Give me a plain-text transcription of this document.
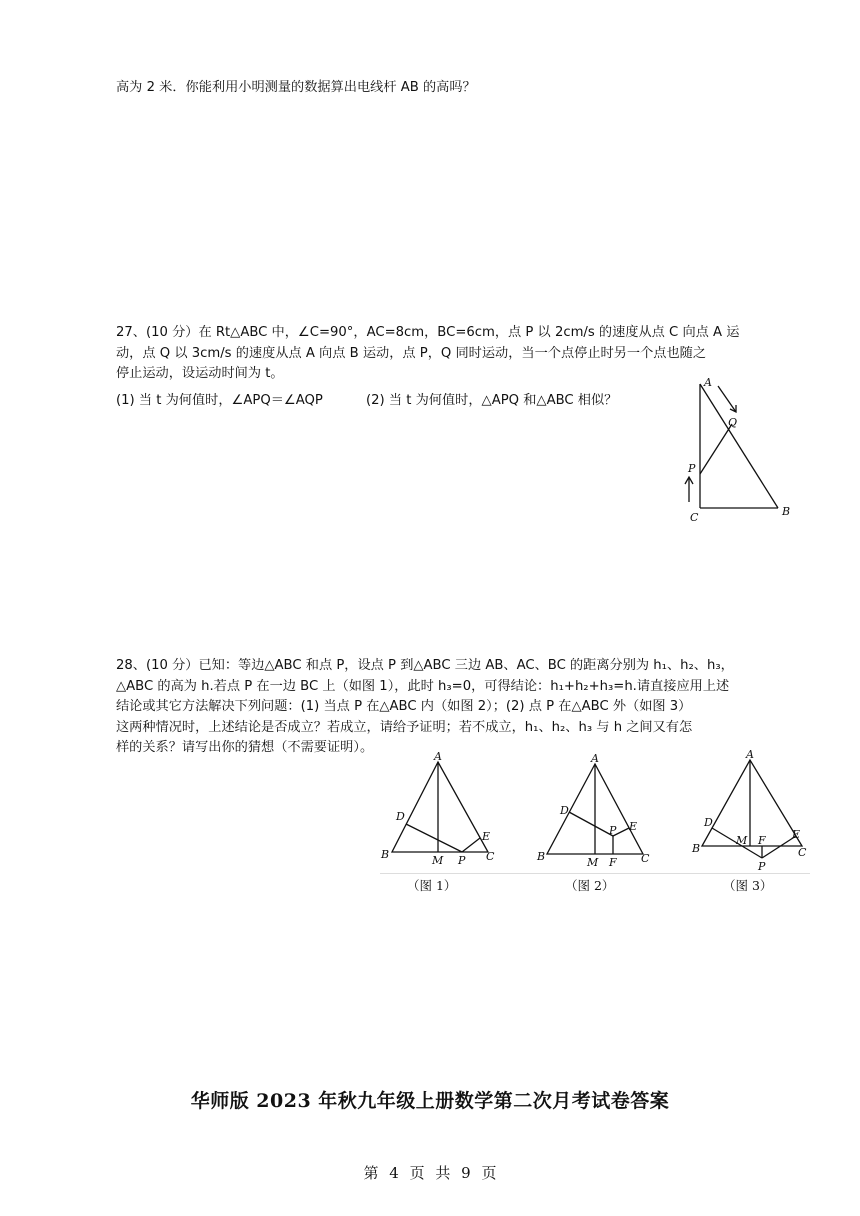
高为 2 米．你能利用小明测量的数据算出电线杆 AB 的高吗？
27、(10 分）在 Rt△ABC 中，∠C=90°，AC=8cm，BC=6cm，点 P 以 2cm/s 的速度从点 C 向点 A 运
动，点 Q 以 3cm/s 的速度从点 A 向点 B 运动，点 P，Q 同时运动，当一个点停止时另一个点也随之
停止运动，设运动时间为 t。
(1) 当 t 为何值时，∠APQ＝∠AQP	(2) 当 t 为何值时，△APQ 和△ABC 相似？
A
Q
P
C	B
28、(10 分）已知：等边△ABC 和点 P，设点 P 到△ABC 三边 AB、AC、BC 的距离分别为 h₁、h₂、h₃，
△ABC 的高为 h.若点 P 在一边 BC 上（如图 1），此时 h₃=0，可得结论：h₁+h₂+h₃=h.请直接应用上述
结论或其它方法解决下列问题：(1) 当点 P 在△ABC 内（如图 2）；(2) 点 P 在△ABC 外（如图 3）
这两种情况时，上述结论是否成立？若成立，请给予证明；若不成立，h₁、h₂、h₃ 与 h 之间又有怎
样的关系？请写出你的猜想（不需要证明）。
A
B	C
D
E
M P
A
B	C
D
E
P
M F
A
B	C
D
E
M F
P
（图 1）	（图 2）	（图 3）
华师版 2023 年秋九年级上册数学第二次月考试卷答案
第 4 页 共 9 页
